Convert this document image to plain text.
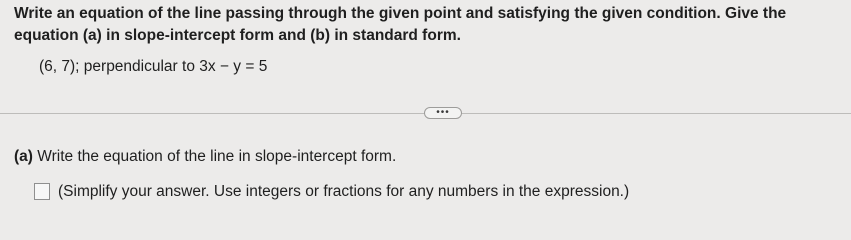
Write an equation of the line passing through the given point and satisfying the given condition. Give the equation (a) in slope-intercept form and (b) in standard form.
(6, 7); perpendicular to 3x − y = 5
•••
(a) Write the equation of the line in slope-intercept form.
(Simplify your answer. Use integers or fractions for any numbers in the expression.)
